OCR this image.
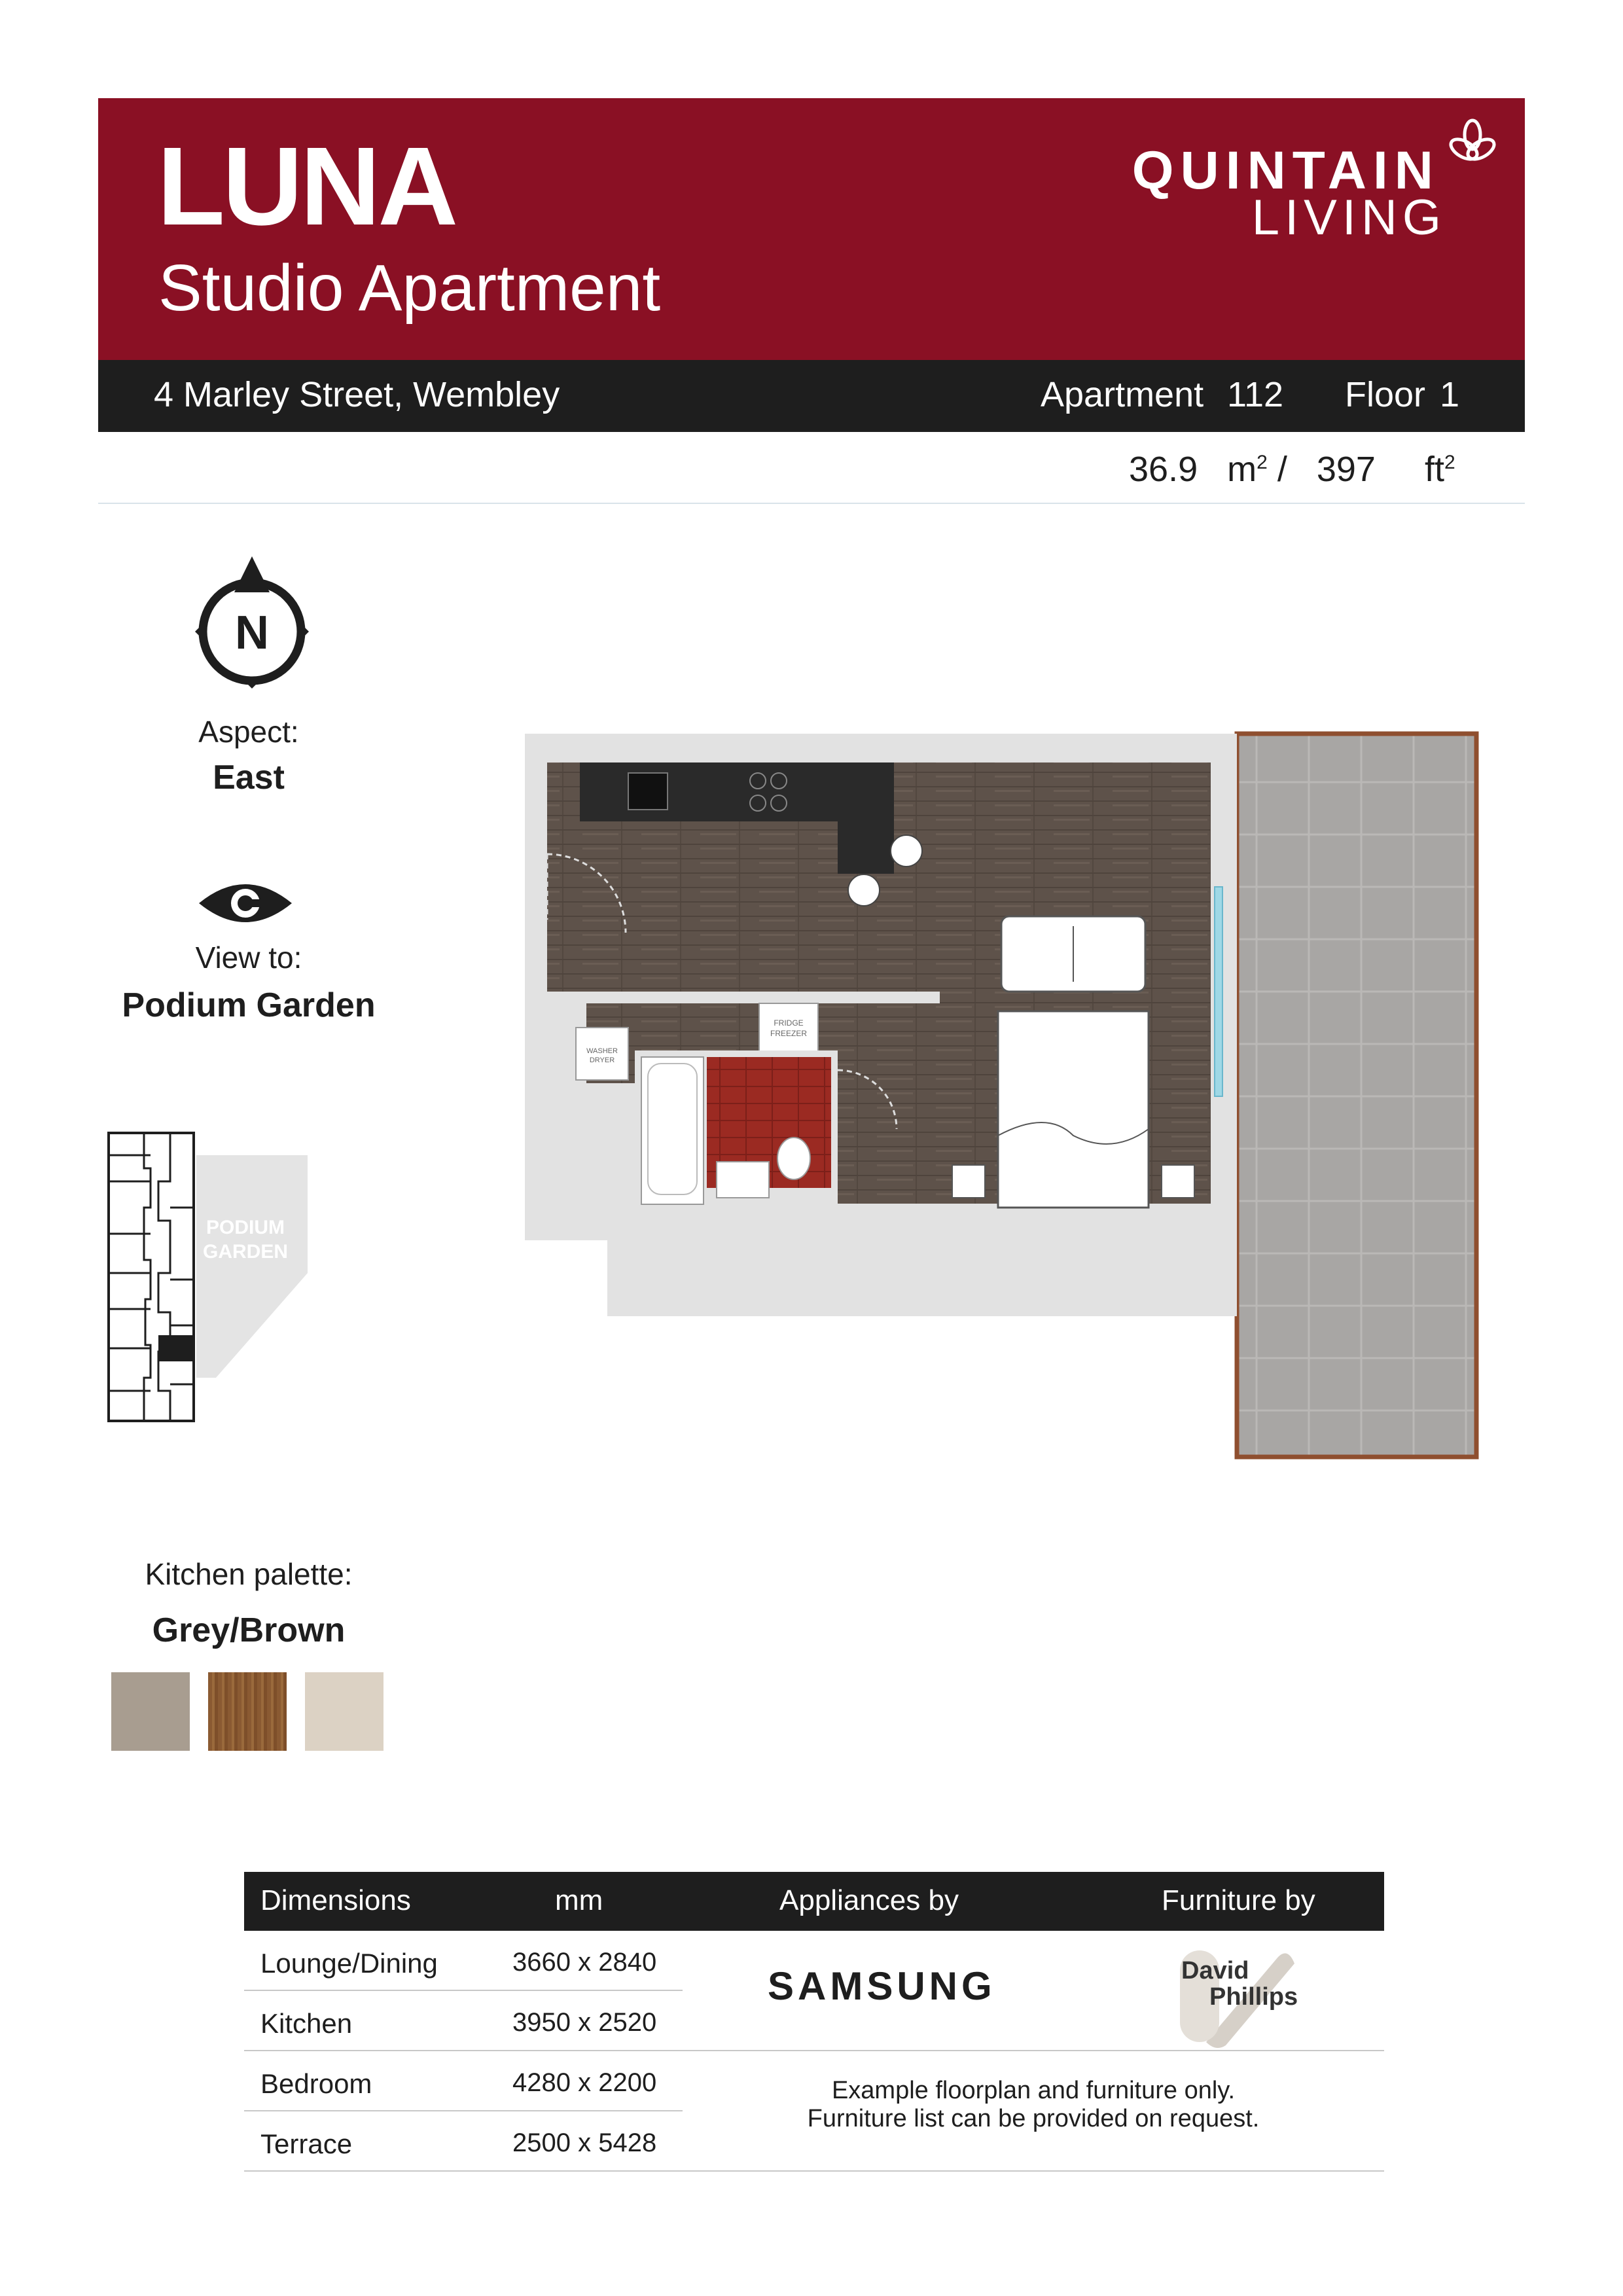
LUNA
Studio Apartment
QUINTAIN
LIVING
4 Marley Street, Wembley	Apartment 112 Floor 1
36.9 $m^2 / 397$ $ft^2$
N
Aspect:
East
View to:
Podium Garden
PODIUM
GARDEN
Kitchen palette:
Grey/Brown
WASHER
DRYER
FRIDGE
FREEZER
Dimensions	mm	Appliances by	Furniture by
Lounge/Dining	3660 x 2840
Kitchen	3950 x 2520
Bedroom	4280 x 2200
Terrace	2500 x 5428
SAMSUNG	David
Phillips
Example floorplan and furniture only.
Furniture list can be provided on request.
